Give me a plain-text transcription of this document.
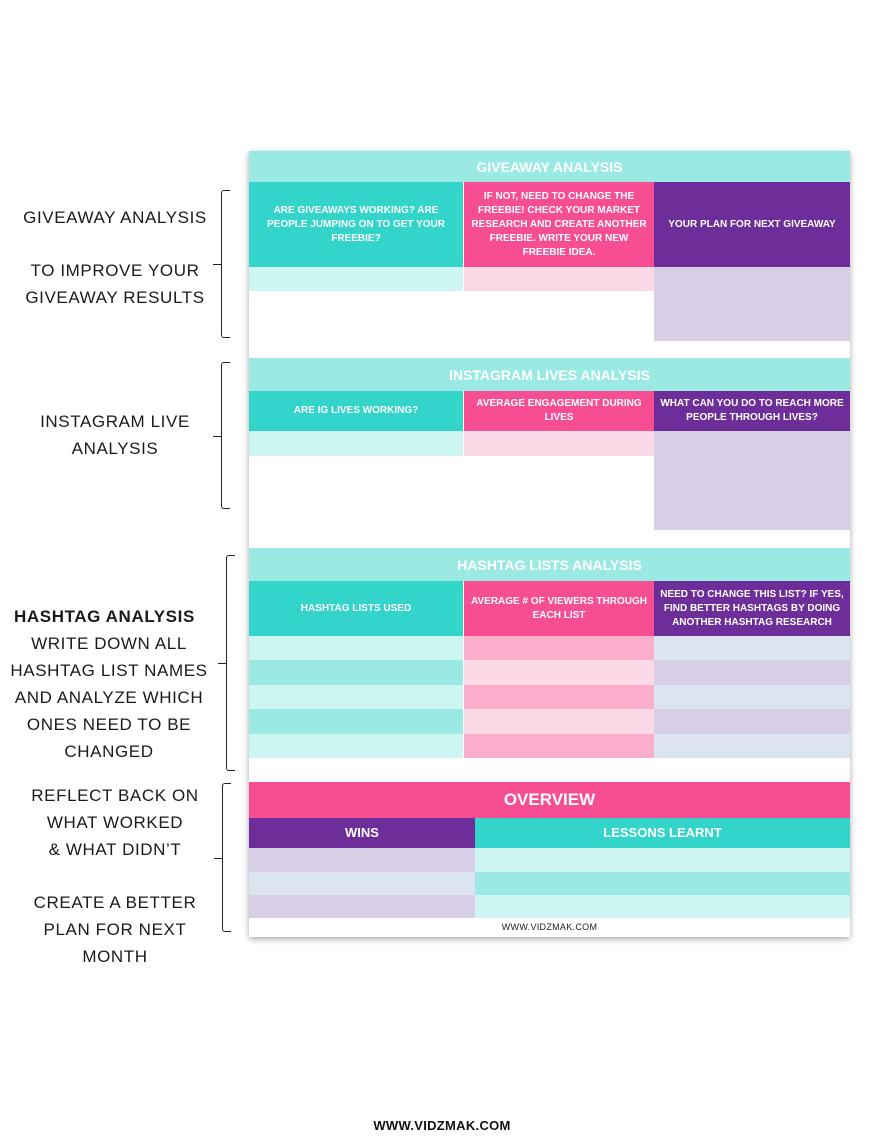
GIVEAWAY ANALYSIS
TO IMPROVE YOUR
GIVEAWAY RESULTS
INSTAGRAM LIVE
ANALYSIS
HASHTAG ANALYSIS
WRITE DOWN ALL
HASHTAG LIST NAMES
AND ANALYZE WHICH
ONES NEED TO BE
CHANGED
REFLECT BACK ON
WHAT WORKED
& WHAT DIDN’T
CREATE A BETTER
PLAN FOR NEXT MONTH
GIVEAWAY ANALYSIS
ARE GIVEAWAYS WORKING? ARE PEOPLE JUMPING ON TO GET YOUR FREEBIE?
IF NOT, NEED TO CHANGE THE FREEBIE! CHECK YOUR MARKET RESEARCH AND CREATE ANOTHER FREEBIE. WRITE YOUR NEW FREEBIE IDEA.
YOUR PLAN FOR NEXT GIVEAWAY
INSTAGRAM LIVES ANALYSIS
ARE IG LIVES WORKING?
AVERAGE ENGAGEMENT DURING LIVES
WHAT CAN YOU DO TO REACH MORE PEOPLE THROUGH LIVES?
HASHTAG LISTS ANALYSIS
HASHTAG LISTS USED
AVERAGE # OF VIEWERS THROUGH EACH LIST
NEED TO CHANGE THIS LIST? IF YES, FIND BETTER HASHTAGS BY DOING ANOTHER HASHTAG RESEARCH
OVERVIEW
WINS	LESSONS LEARNT
WWW.VIDZMAK.COM
WWW.VIDZMAK.COM
